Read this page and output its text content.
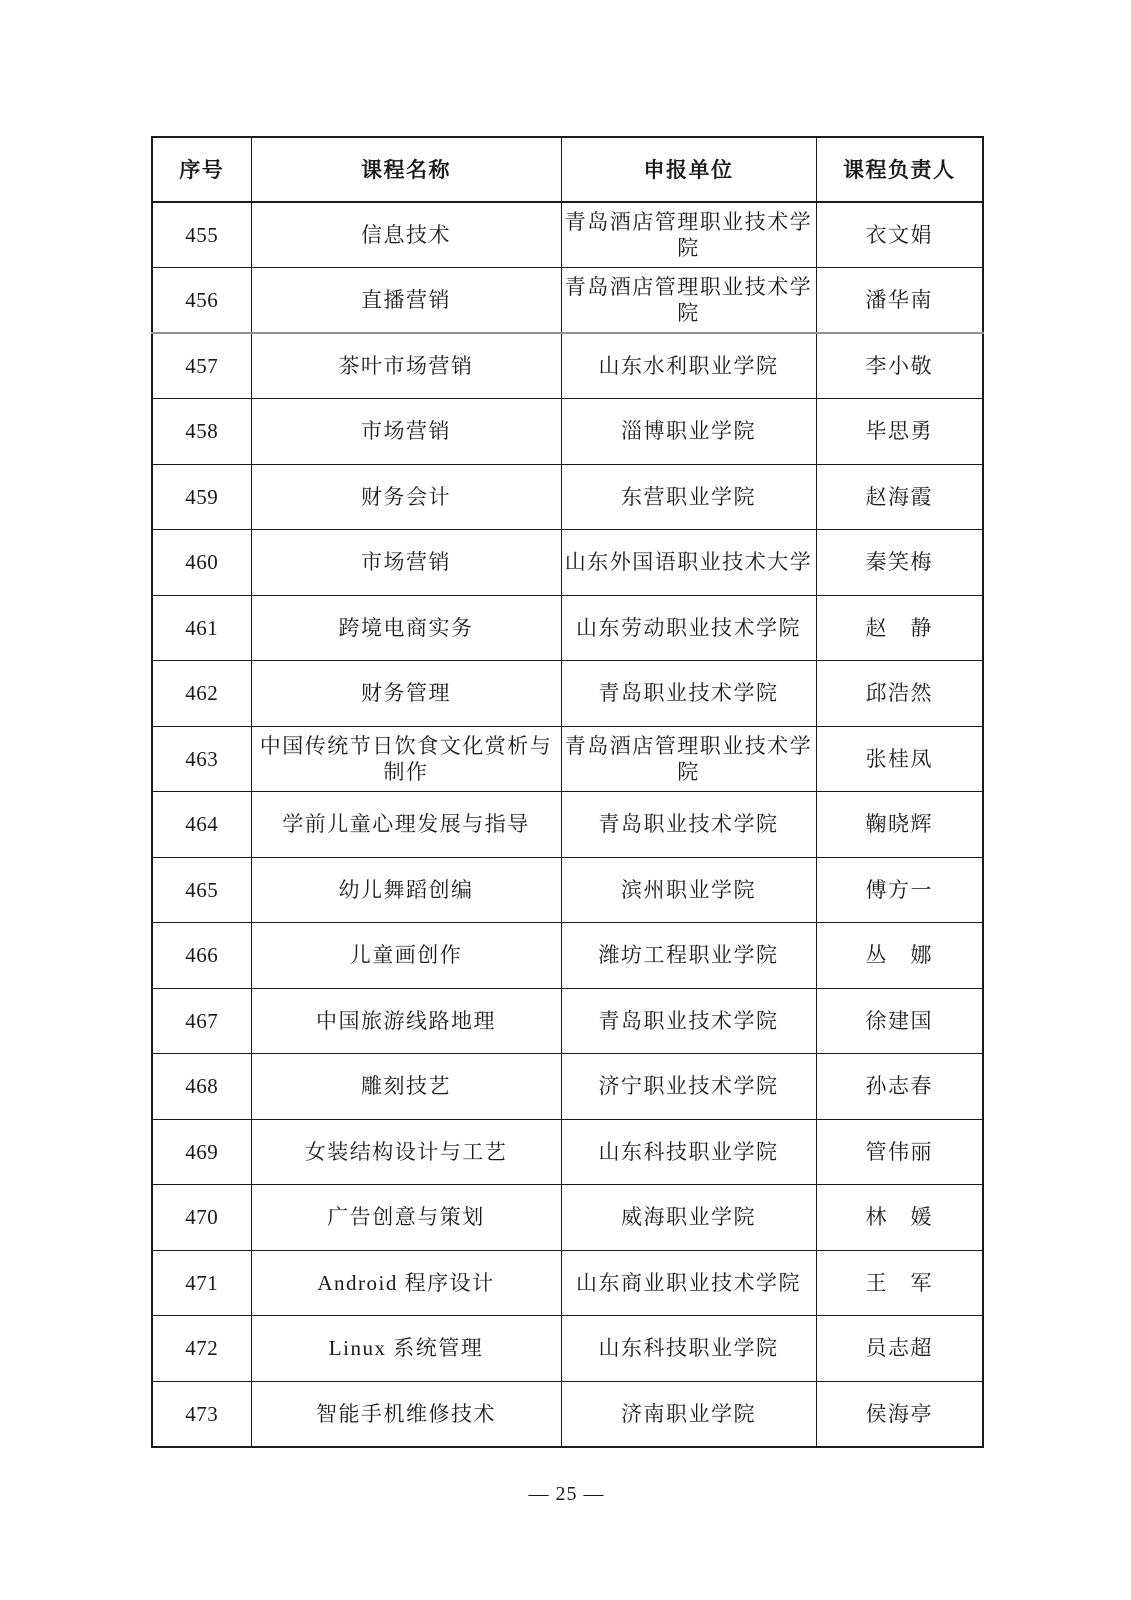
序号	课程名称	申报单位	课程负责人
455	信息技术	青岛酒店管理职业技术学院	衣文娟
456	直播营销	青岛酒店管理职业技术学院	潘华南
457	茶叶市场营销	山东水利职业学院	李小敬
458	市场营销	淄博职业学院	毕思勇
459	财务会计	东营职业学院	赵海霞
460	市场营销	山东外国语职业技术大学	秦笑梅
461	跨境电商实务	山东劳动职业技术学院	赵　静
462	财务管理	青岛职业技术学院	邱浩然
463	中国传统节日饮食文化赏析与制作	青岛酒店管理职业技术学院	张桂凤
464	学前儿童心理发展与指导	青岛职业技术学院	鞠晓辉
465	幼儿舞蹈创编	滨州职业学院	傅方一
466	儿童画创作	潍坊工程职业学院	丛　娜
467	中国旅游线路地理	青岛职业技术学院	徐建国
468	雕刻技艺	济宁职业技术学院	孙志春
469	女装结构设计与工艺	山东科技职业学院	管伟丽
470	广告创意与策划	威海职业学院	林　媛
471	Android 程序设计	山东商业职业技术学院	王　军
472	Linux 系统管理	山东科技职业学院	员志超
473	智能手机维修技术	济南职业学院	侯海亭
— 25 —
